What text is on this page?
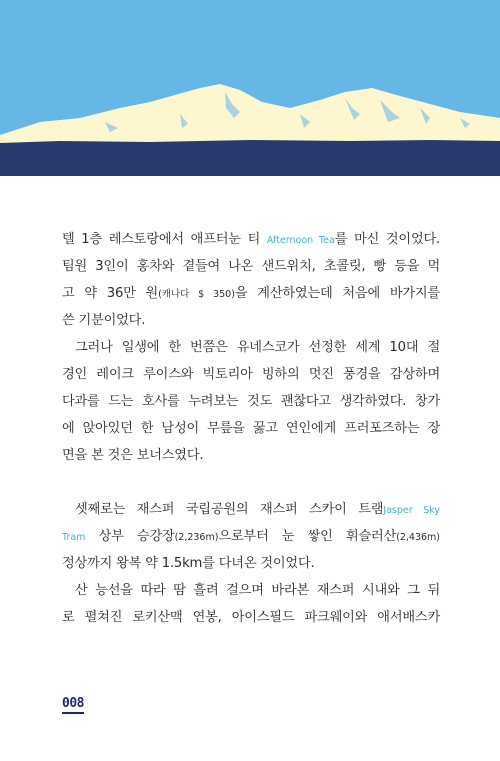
텔 1층 레스토랑에서 애프터눈 티 Afternoon Tea를 마신 것이었다.
팀원 3인이 홍차와 곁들여 나온 샌드위치, 초콜릿, 빵 등을 먹
고 약 36만 원(캐나다 $ 350)을 계산하였는데 처음에 바가지를
쓴 기분이었다.

그러나 일생에 한 번쯤은 유네스코가 선정한 세계 10대 절
경인 레이크 루이스와 빅토리아 빙하의 멋진 풍경을 감상하며
다과를 드는 호사를 누려보는 것도 괜찮다고 생각하였다. 창가
에 앉아있던 한 남성이 무릎을 꿇고 연인에게 프러포즈하는 장
면을 본 것은 보너스였다.

셋째로는 재스퍼 국립공원의 재스퍼 스카이 트램Jasper Sky
Tram 상부 승강장(2,236m)으로부터 눈 쌓인 휘슬러산(2,436m)
정상까지 왕복 약 1.5km를 다녀온 것이었다.

산 능선을 따라 땀 흘려 걸으며 바라본 재스퍼 시내와 그 뒤
로 펼쳐진 로키산맥 연봉, 아이스필드 파크웨이와 애서배스카

008
